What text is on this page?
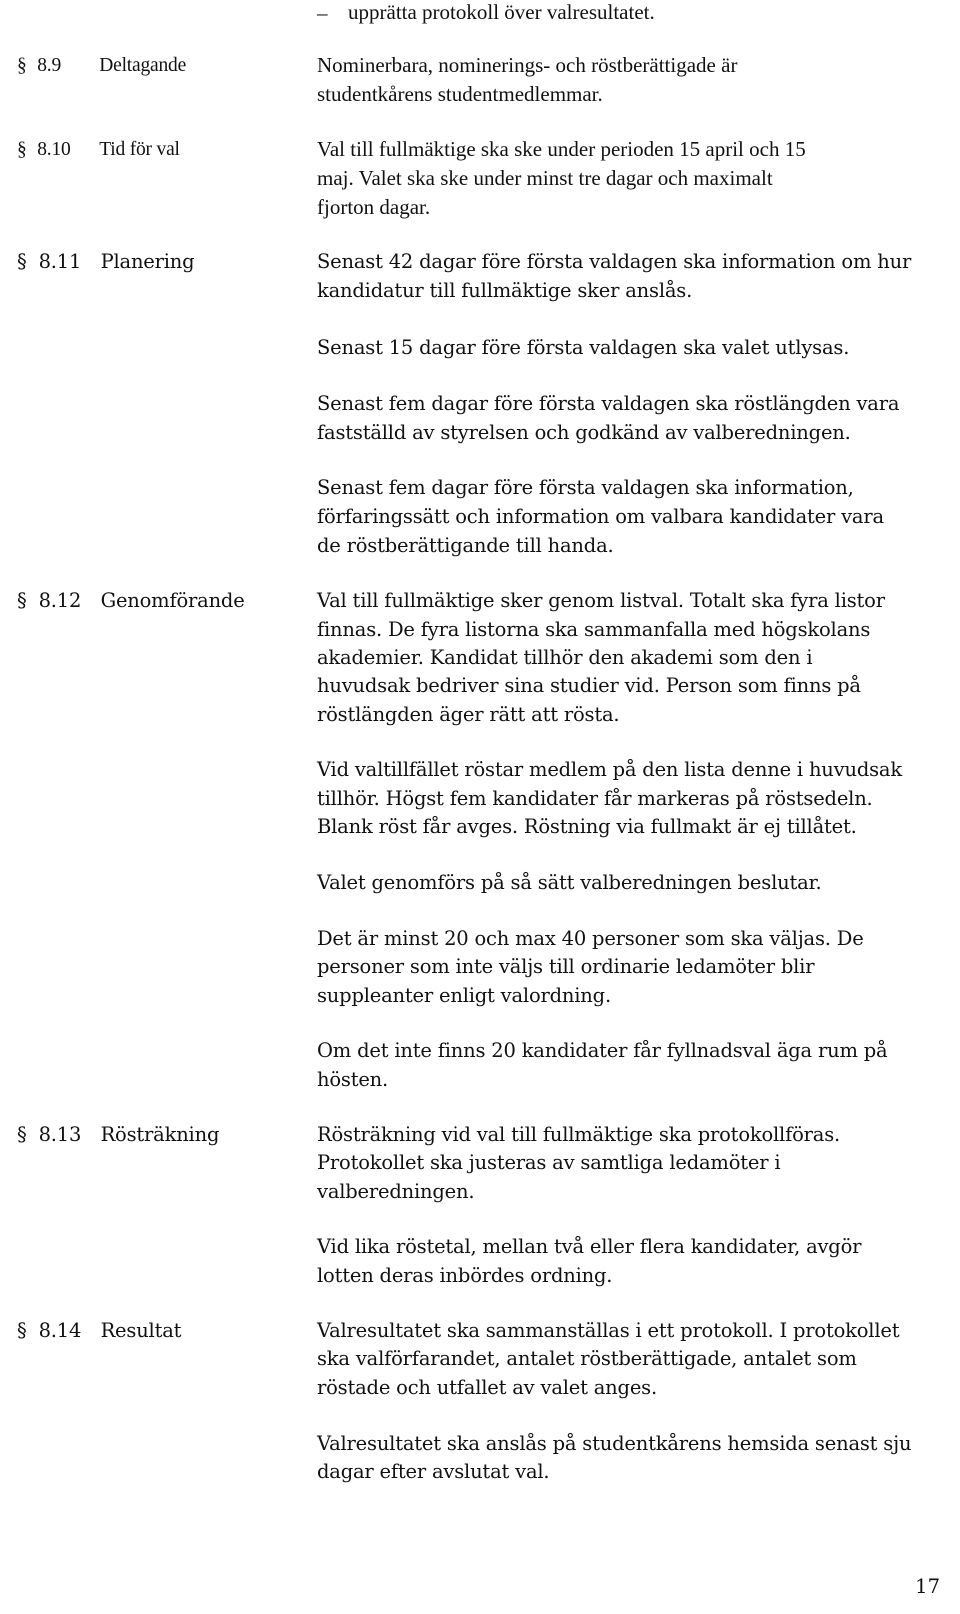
– upprätta protokoll över valresultatet.
§ 8.9 Deltagande	Nominerbara, nominerings- och röstberättigade är
studentkårens studentmedlemmar.
§ 8.10 Tid för val	Val till fullmäktige ska ske under perioden 15 april och 15
maj. Valet ska ske under minst tre dagar och maximalt
fjorton dagar.
§ 8.11 Planering	Senast 42 dagar före första valdagen ska information om hur
kandidatur till fullmäktige sker anslås.
Senast 15 dagar före första valdagen ska valet utlysas.
Senast fem dagar före första valdagen ska röstlängden vara
fastställd av styrelsen och godkänd av valberedningen.
Senast fem dagar före första valdagen ska information,
förfaringssätt och information om valbara kandidater vara
de röstberättigande till handa.
§ 8.12 Genomförande	Val till fullmäktige sker genom listval. Totalt ska fyra listor
finnas. De fyra listorna ska sammanfalla med högskolans
akademier. Kandidat tillhör den akademi som den i
huvudsak bedriver sina studier vid. Person som finns på
röstlängden äger rätt att rösta.
Vid valtillfället röstar medlem på den lista denne i huvudsak
tillhör. Högst fem kandidater får markeras på röstsedeln.
Blank röst får avges. Röstning via fullmakt är ej tillåtet.
Valet genomförs på så sätt valberedningen beslutar.
Det är minst 20 och max 40 personer som ska väljas. De
personer som inte väljs till ordinarie ledamöter blir
suppleanter enligt valordning.
Om det inte finns 20 kandidater får fyllnadsval äga rum på
hösten.
§ 8.13 Rösträkning	Rösträkning vid val till fullmäktige ska protokollföras.
Protokollet ska justeras av samtliga ledamöter i
valberedningen.
Vid lika röstetal, mellan två eller flera kandidater, avgör
lotten deras inbördes ordning.
§ 8.14 Resultat	Valresultatet ska sammanställas i ett protokoll. I protokollet
ska valförfarandet, antalet röstberättigade, antalet som
röstade och utfallet av valet anges.
Valresultatet ska anslås på studentkårens hemsida senast sju
dagar efter avslutat val.
17
